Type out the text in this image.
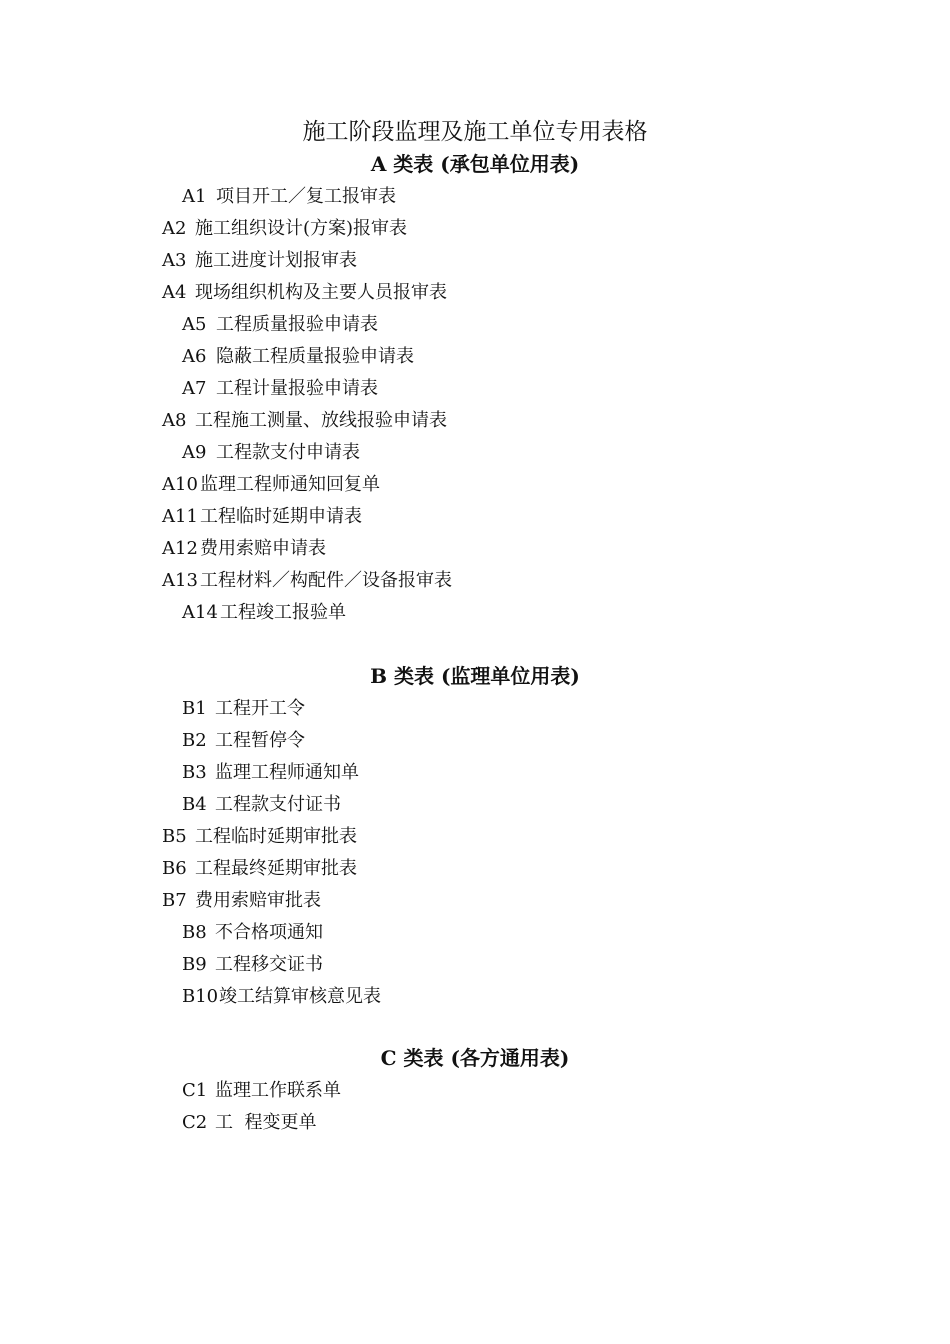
施工阶段监理及施工单位专用表格
A 类表 (承包单位用表)
A1 项目开工／复工报审表
A2 施工组织设计(方案)报审表
A3 施工进度计划报审表
A4 现场组织机构及主要人员报审表
A5 工程质量报验申请表
A6 隐蔽工程质量报验申请表
A7 工程计量报验申请表
A8 工程施工测量、放线报验申请表
A9 工程款支付申请表
A10 监理工程师通知回复单
A11 工程临时延期申请表
A12 费用索赔申请表
A13 工程材料／构配件／设备报审表
A14 工程竣工报验单
B 类表 (监理单位用表)
B1 工程开工令
B2 工程暂停令
B3 监理工程师通知单
B4 工程款支付证书
B5 工程临时延期审批表
B6 工程最终延期审批表
B7 费用索赔审批表
B8 不合格项通知
B9 工程移交证书
B10竣工结算审核意见表
C 类表 (各方通用表)
C1 监理工作联系单
C2 工  程变更单
